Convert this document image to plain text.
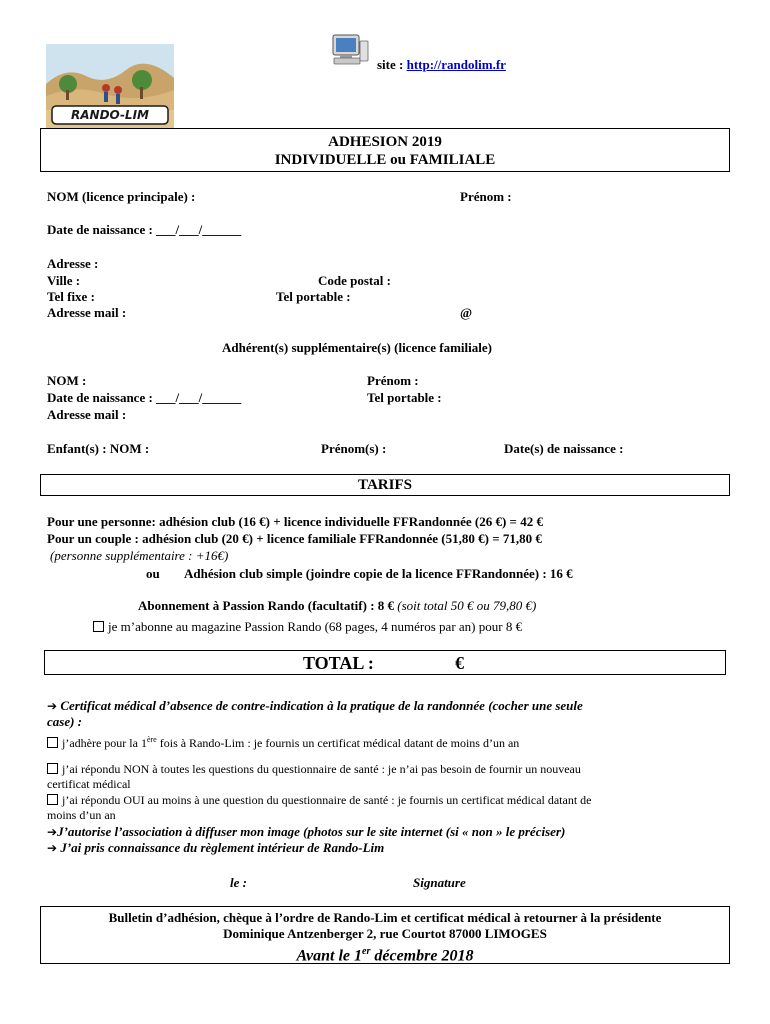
RANDO-LIM
site : http://randolim.fr
ADHESION 2019
INDIVIDUELLE ou FAMILIALE
NOM (licence principale) :	Prénom :
Date de naissance : ___/___/______
Adresse :
Ville :	Code postal :
Tel fixe :	Tel portable :
Adresse mail :	@
Adhérent(s) supplémentaire(s) (licence familiale)
NOM :	Prénom :
Date de naissance : ___/___/______	Tel portable :
Adresse mail :
Enfant(s) : NOM :	Prénom(s) :	Date(s) de naissance :
TARIFS
Pour une personne: adhésion club (16 €) + licence individuelle FFRandonnée (26 €) = 42 €
Pour un couple : adhésion club (20 €) + licence familiale FFRandonnée (51,80 €) = 71,80 €
(personne supplémentaire : +16€)
ou Adhésion club simple (joindre copie de la licence FFRandonnée) : 16 €
Abonnement à Passion Rando (facultatif) : 8 € (soit total 50 € ou 79,80 €)
je m’abonne au magazine Passion Rando (68 pages, 4 numéros par an) pour 8 €
TOTAL :	€
➔ Certificat médical d’absence de contre-indication à la pratique de la randonnée (cocher une seule
case) :
j’adhère pour la 1ère fois à Rando-Lim : je fournis un certificat médical datant de moins d’un an
j’ai répondu NON à toutes les questions du questionnaire de santé : je n’ai pas besoin de fournir un nouveau
certificat médical
j’ai répondu OUI au moins à une question du questionnaire de santé : je fournis un certificat médical datant de
moins d’un an
➔J’autorise l’association à diffuser mon image (photos sur le site internet (si « non » le préciser)
➔ J’ai pris connaissance du règlement intérieur de Rando-Lim
le :	Signature
Bulletin d’adhésion, chèque à l’ordre de Rando-Lim et certificat médical à retourner à la présidente
Dominique Antzenberger 2, rue Courtot 87000 LIMOGES
Avant le 1er décembre 2018
